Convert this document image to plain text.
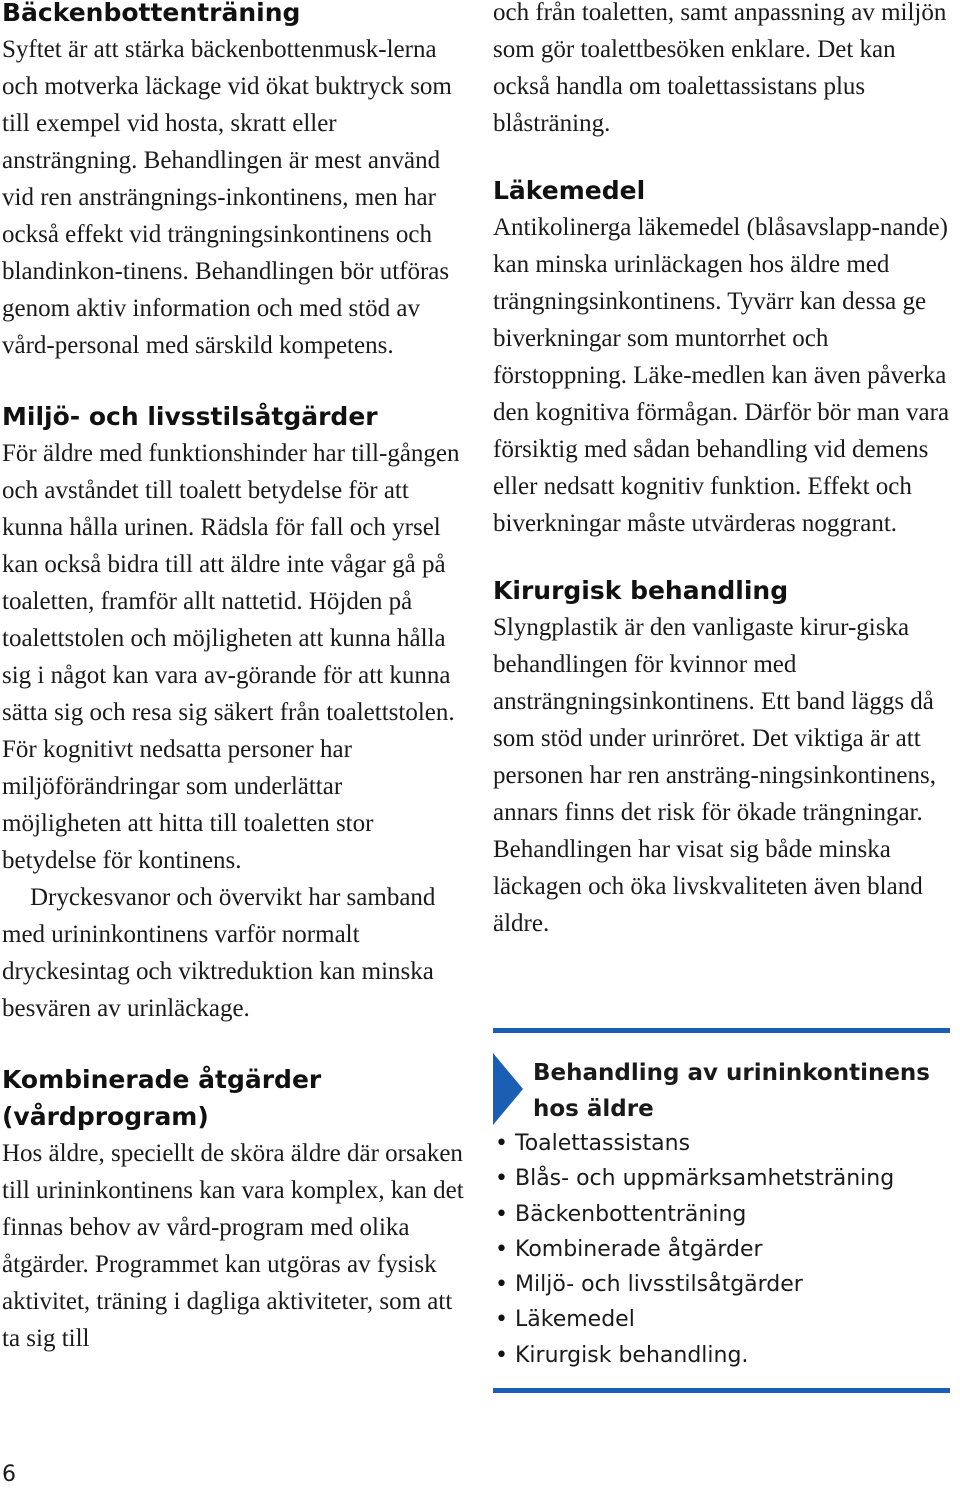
Bäckenbottenträning

Syftet är att stärka bäckenbottenmusk-lerna och motverka läckage vid ökat buktryck som till exempel vid hosta, skratt eller ansträngning. Behandlingen är mest använd vid ren ansträngnings-inkontinens, men har också effekt vid trängningsinkontinens och blandinkon-tinens. Behandlingen bör utföras genom aktiv information och med stöd av vård-personal med särskild kompetens.

Miljö- och livsstilsåtgärder

För äldre med funktionshinder har till-gången och avståndet till toalett betydelse för att kunna hålla urinen. Rädsla för fall och yrsel kan också bidra till att äldre inte vågar gå på toaletten, framför allt nattetid. Höjden på toalettstolen och möjligheten att kunna hålla sig i något kan vara av-görande för att kunna sätta sig och resa sig säkert från toalettstolen. För kognitivt nedsatta personer har miljöförändringar som underlättar möjligheten att hitta till toaletten stor betydelse för kontinens.

Dryckesvanor och övervikt har samband med urininkontinens varför normalt dryckesintag och viktreduktion kan minska besvären av urinläckage.

Kombinerade åtgärder (vårdprogram)

Hos äldre, speciellt de sköra äldre där orsaken till urininkontinens kan vara komplex, kan det finnas behov av vård-program med olika åtgärder. Programmet kan utgöras av fysisk aktivitet, träning i dagliga aktiviteter, som att ta sig till

och från toaletten, samt anpassning av miljön som gör toalettbesöken enklare. Det kan också handla om toalettassistans plus blåsträning.

Läkemedel

Antikolinerga läkemedel (blåsavslapp-nande) kan minska urinläckagen hos äldre med trängningsinkontinens. Tyvärr kan dessa ge biverkningar som muntorrhet och förstoppning. Läke-medlen kan även påverka den kognitiva förmågan. Därför bör man vara försiktig med sådan behandling vid demens eller nedsatt kognitiv funktion. Effekt och biverkningar måste utvärderas noggrant.

Kirurgisk behandling

Slyngplastik är den vanligaste kirur-giska behandlingen för kvinnor med ansträngningsinkontinens. Ett band läggs då som stöd under urinröret. Det viktiga är att personen har ren ansträng-ningsinkontinens, annars finns det risk för ökade trängningar. Behandlingen har visat sig både minska läckagen och öka livskvaliteten även bland äldre.

Behandling av urininkontinens hos äldre
• Toalettassistans
• Blås- och uppmärksamhetsträning
• Bäckenbottenträning
• Kombinerade åtgärder
• Miljö- och livsstilsåtgärder
• Läkemedel
• Kirurgisk behandling.
6
